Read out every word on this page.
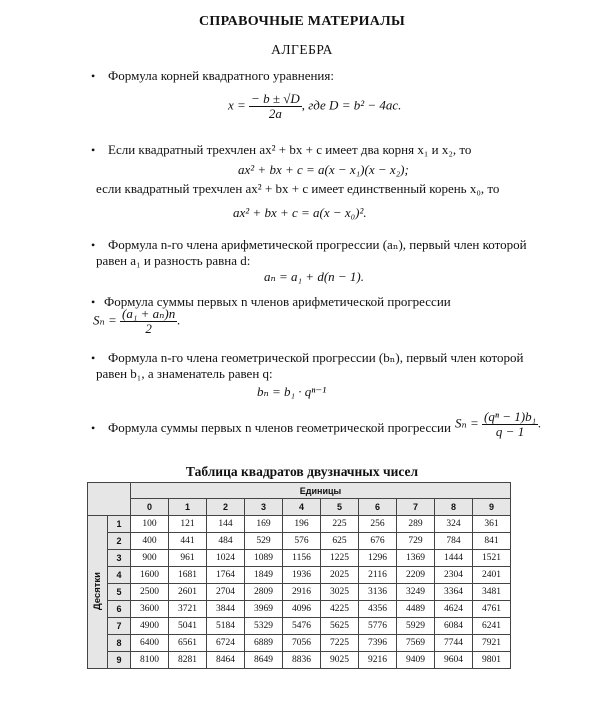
СПРАВОЧНЫЕ МАТЕРИАЛЫ
АЛГЕБРА
• Формула корней квадратного уравнения:
$x = \frac{- b \pm √D}{2a}$ , где D = b² − 4ac.
• Если квадратный трехчлен ax² + bx + c имеет два корня x₁ и x₂, то
ax² + bx + c = a(x − x₁)(x − x₂);
если квадратный трехчлен ax² + bx + c имеет единственный корень x₀, то
ax² + bx + c = a(x − x₀)².
• Формула n-го члена арифметической прогрессии (aₙ), первый член которой
равен a₁ и разность равна d:
aₙ = a₁ + d(n − 1).
• Формула суммы первых n членов арифметической прогрессии
$S_n = \frac{\text{(a₁ + aₙ)n}}{2}$ .
• Формула n-го члена геометрической прогрессии (bₙ), первый член которой
равен b₁, а знаменатель равен q:
bₙ = b₁ · qⁿ⁻¹
• Формула суммы первых n членов геометрической прогрессии $S_n = \frac{\text{(qⁿ − 1)b₁}}{q - 1}$ .
Таблица квадратов двузначных чисел
		Единицы									
		0	1	2	3	4	5	6	7	8	9
Десятки	1	100	121	144	169	196	225	256	289	324	361
	2	400	441	484	529	576	625	676	729	784	841
	3	900	961	1024	1089	1156	1225	1296	1369	1444	1521
	4	1600	1681	1764	1849	1936	2025	2116	2209	2304	2401
	5	2500	2601	2704	2809	2916	3025	3136	3249	3364	3481
	6	3600	3721	3844	3969	4096	4225	4356	4489	4624	4761
	7	4900	5041	5184	5329	5476	5625	5776	5929	6084	6241
	8	6400	6561	6724	6889	7056	7225	7396	7569	7744	7921
	9	8100	8281	8464	8649	8836	9025	9216	9409	9604	9801
